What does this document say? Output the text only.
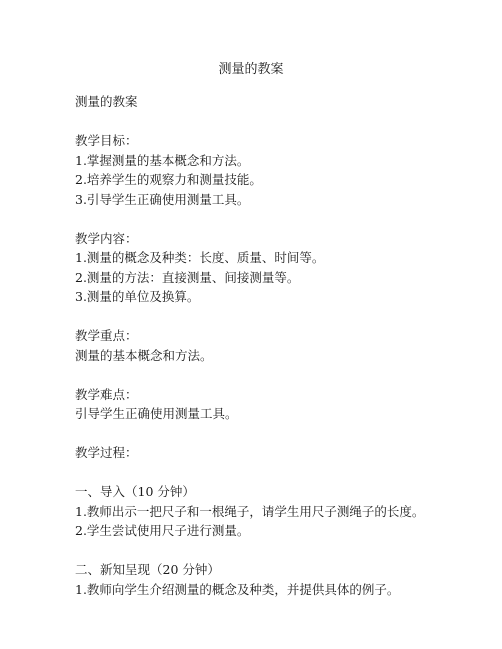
测量的教案
测量的教案
教学目标：
1.掌握测量的基本概念和方法。
2.培养学生的观察力和测量技能。
3.引导学生正确使用测量工具。
教学内容：
1.测量的概念及种类：长度、质量、时间等。
2.测量的方法：直接测量、间接测量等。
3.测量的单位及换算。
教学重点：
测量的基本概念和方法。
教学难点：
引导学生正确使用测量工具。
教学过程：
一、导入（10 分钟）
1.教师出示一把尺子和一根绳子，请学生用尺子测绳子的长度。
2.学生尝试使用尺子进行测量。
二、新知呈现（20 分钟）
1.教师向学生介绍测量的概念及种类，并提供具体的例子。
